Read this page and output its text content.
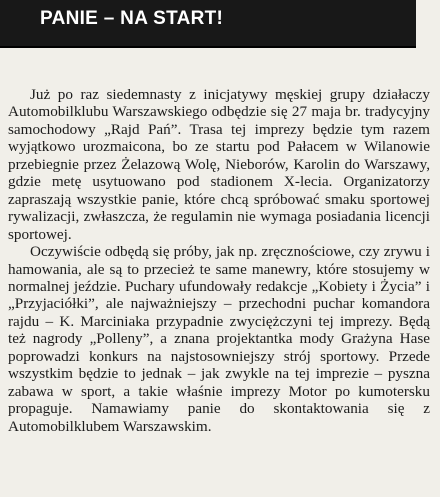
PANIE – NA START!

Już po raz siedemnasty z inicjatywy męskiej grupy działaczy Automobilklubu Warszawskiego odbędzie się 27 maja br. tradycyjny samochodowy „Rajd Pań”. Trasa tej imprezy będzie tym razem wyjątkowo urozmaicona, bo ze startu pod Pałacem w Wilanowie przebiegnie przez Żelazową Wolę, Nieborów, Karolin do Warszawy, gdzie metę usytuowano pod stadionem X-lecia. Organizatorzy zapraszają wszystkie panie, które chcą spróbować smaku sportowej rywalizacji, zwłaszcza, że regulamin nie wymaga posiadania licencji sportowej.

Oczywiście odbędą się próby, jak np. zręcznościowe, czy zrywu i hamowania, ale są to przecież te same manewry, które stosujemy w normalnej jeździe. Puchary ufundowały redakcje „Kobiety i Życia” i „Przyjaciółki”, ale najważniejszy – przechodni puchar komandora rajdu – K. Marciniaka przypadnie zwyciężczyni tej imprezy. Będą też nagrody „Polleny”, a znana projektantka mody Grażyna Hase poprowadzi konkurs na najstosowniejszy strój sportowy. Przede wszystkim będzie to jednak – jak zwykle na tej imprezie – pyszna zabawa w sport, a takie właśnie imprezy Motor po kumotersku propaguje. Namawiamy panie do skontaktowania się z Automobilklubem Warszawskim.
